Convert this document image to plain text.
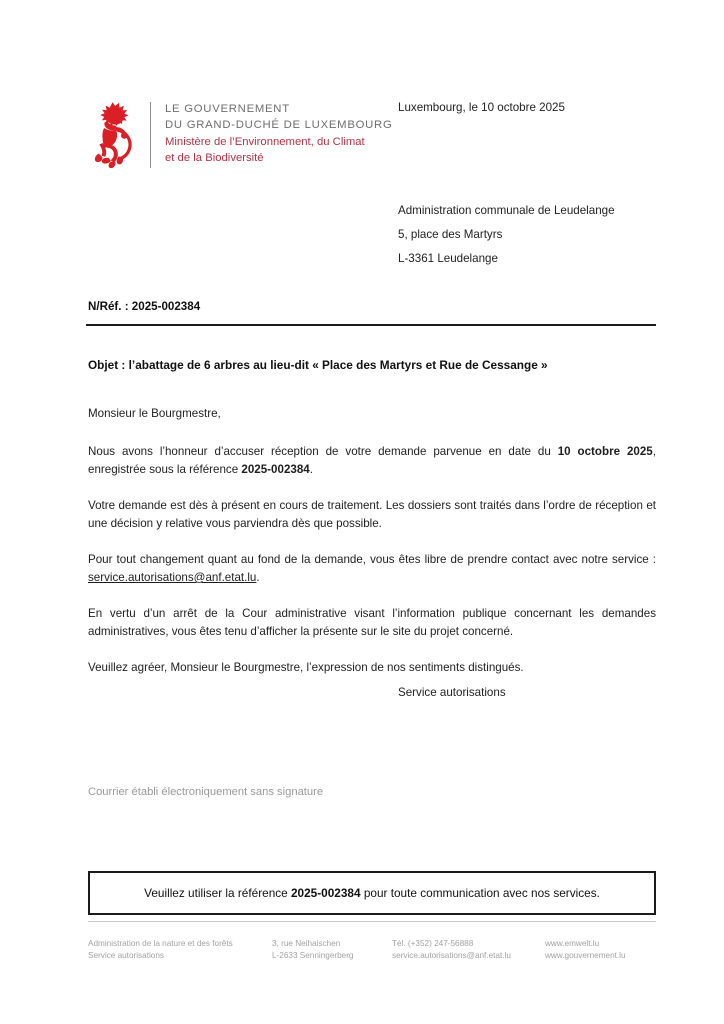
LE GOUVERNEMENT
DU GRAND-DUCHÉ DE LUXEMBOURG
Ministère de l’Environnement, du Climat
et de la Biodiversité
Luxembourg, le 10 octobre 2025
Administration communale de Leudelange
5, place des Martyrs
L-3361 Leudelange
N/Réf. : 2025-002384
Objet : l’abattage de 6 arbres au lieu-dit « Place des Martyrs et Rue de Cessange »

Monsieur le Bourgmestre,

Nous avons l’honneur d’accuser réception de votre demande parvenue en date du 10 octobre 2025, enregistrée sous la référence 2025-002384.

Votre demande est dès à présent en cours de traitement. Les dossiers sont traités dans l’ordre de réception et une décision y relative vous parviendra dès que possible.

Pour tout changement quant au fond de la demande, vous êtes libre de prendre contact avec notre service : service.autorisations@anf.etat.lu.

En vertu d’un arrêt de la Cour administrative visant l’information publique concernant les demandes administratives, vous êtes tenu d’afficher la présente sur le site du projet concerné.

Veuillez agréer, Monsieur le Bourgmestre, l’expression de nos sentiments distingués.

Service autorisations
Courrier établi électroniquement sans signature
Veuillez utiliser la référence 2025-002384 pour toute communication avec nos services.
Administration de la nature et des forêts
Service autorisations
3, rue Neihaischen
L-2633 Senningerberg
Tél. (+352) 247-56888
service.autorisations@anf.etat.lu
www.emwelt.lu
www.gouvernement.lu
